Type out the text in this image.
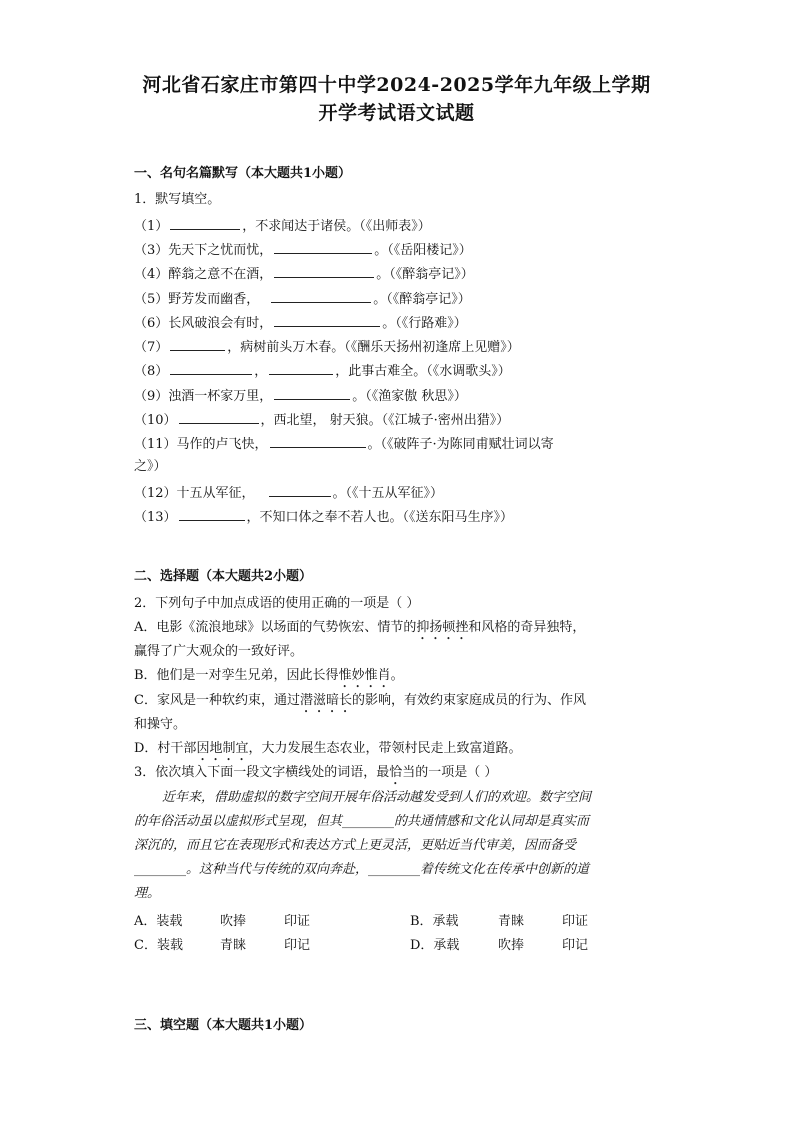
河北省石家庄市第四十中学2024-2025学年九年级上学期
开学考试语文试题
一、名句名篇默写（本大题共1小题）
1．默写填空。
（1）	，不求闻达于诸侯。（《出师表》）
（3）先天下之忧而忧，	。（《岳阳楼记》）
（4）醉翁之意不在酒，	。（《醉翁亭记》）
（5）野芳发而幽香，	。（《醉翁亭记》）
（6）长风破浪会有时，	。（《行路难》）
（7）	，病树前头万木春。（《酬乐天扬州初逢席上见赠》）
（8）	，	，此事古难全。（《水调歌头》）
（9）浊酒一杯家万里，	。（《渔家傲 秋思》）
（10）	，西北望， 射天狼。（《江城子·密州出猎》）
（11）马作的卢飞快，	。（《破阵子·为陈同甫赋壮词以寄
之》）
（12）十五从军征，	。（《十五从军征》）
（13）	，不知口体之奉不若人也。（《送东阳马生序》）
二、选择题（本大题共2小题）
2．下列句子中加点成语的使用正确的一项是（ ）
A．电影《流浪地球》以场面的气势恢宏、情节的抑扬顿挫和风格的奇异独特，
赢得了广大观众的一致好评。
B．他们是一对孪生兄弟，因此长得惟妙惟肖。
C．家风是一种软约束，通过潜滋暗长的影响，有效约束家庭成员的行为、作风
和操守。
D．村干部因地制宜，大力发展生态农业，带领村民走上致富道路。
3．依次填入下面一段文字横线处的词语，最恰当的一项是（ ）
近年来，借助虚拟的数字空间开展年俗活动越发受到人们的欢迎。数字空间
的年俗活动虽以虚拟形式呈现，但其________的共通情感和文化认同却是真实而
深沉的，而且它在表现形式和表达方式上更灵活，更贴近当代审美，因而备受
________。这种当代与传统的双向奔赴，________着传统文化在传承中创新的道
理。
A．装载	吹捧	印证	B．承载	青睐	印证
C．装载	青睐	印记	D．承载	吹捧	印记
三、填空题（本大题共1小题）
